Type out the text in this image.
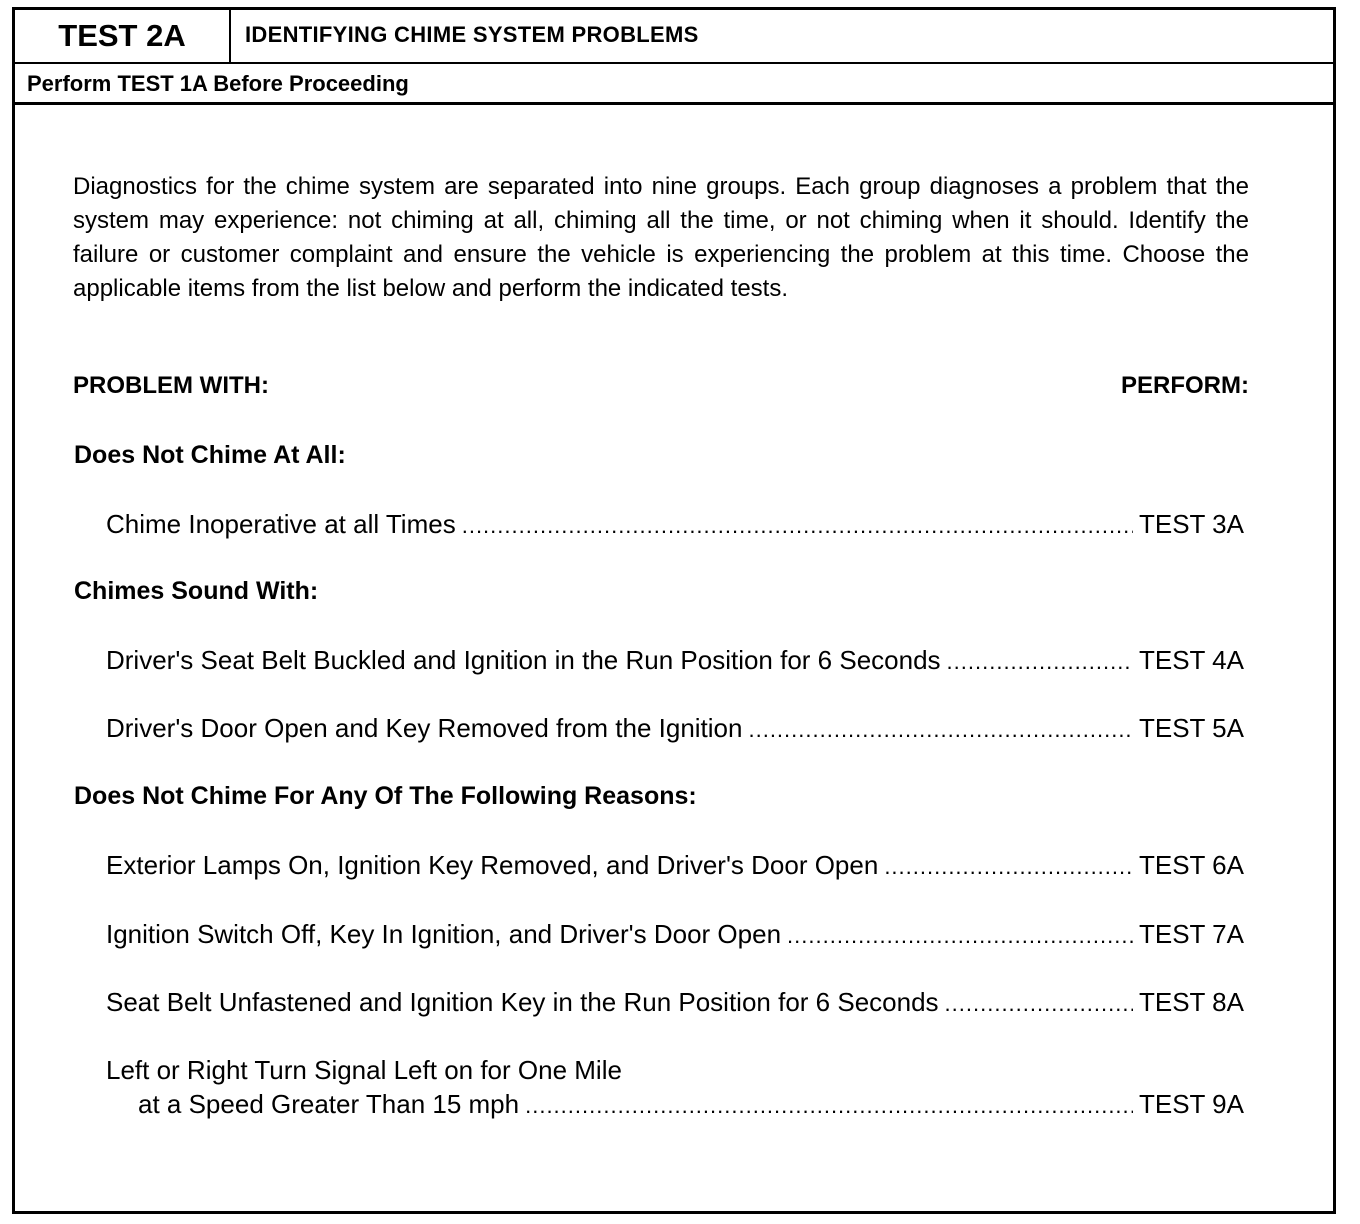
TEST 2A	IDENTIFYING CHIME SYSTEM PROBLEMS
Perform TEST 1A Before Proceeding

Diagnostics for the chime system are separated into nine groups. Each group diagnoses a problem that the system may experience: not chiming at all, chiming all the time, or not chiming when it should. Identify the failure or customer complaint and ensure the vehicle is experiencing the problem at this time. Choose the applicable items from the list below and perform the indicated tests.

PROBLEM WITH:	PERFORM:
Does Not Chime At All:
Chime Inoperative at all Times .....	TEST 3A
Chimes Sound With:
Driver's Seat Belt Buckled and Ignition in the Run Position for 6 Seconds .....	TEST 4A
Driver's Door Open and Key Removed from the Ignition .....	TEST 5A
Does Not Chime For Any Of The Following Reasons:
Exterior Lamps On, Ignition Key Removed, and Driver's Door Open .....	TEST 6A
Ignition Switch Off, Key In Ignition, and Driver's Door Open .....	TEST 7A
Seat Belt Unfastened and Ignition Key in the Run Position for 6 Seconds .....	TEST 8A
Left or Right Turn Signal Left on for One Mile
at a Speed Greater Than 15 mph .....	TEST 9A
